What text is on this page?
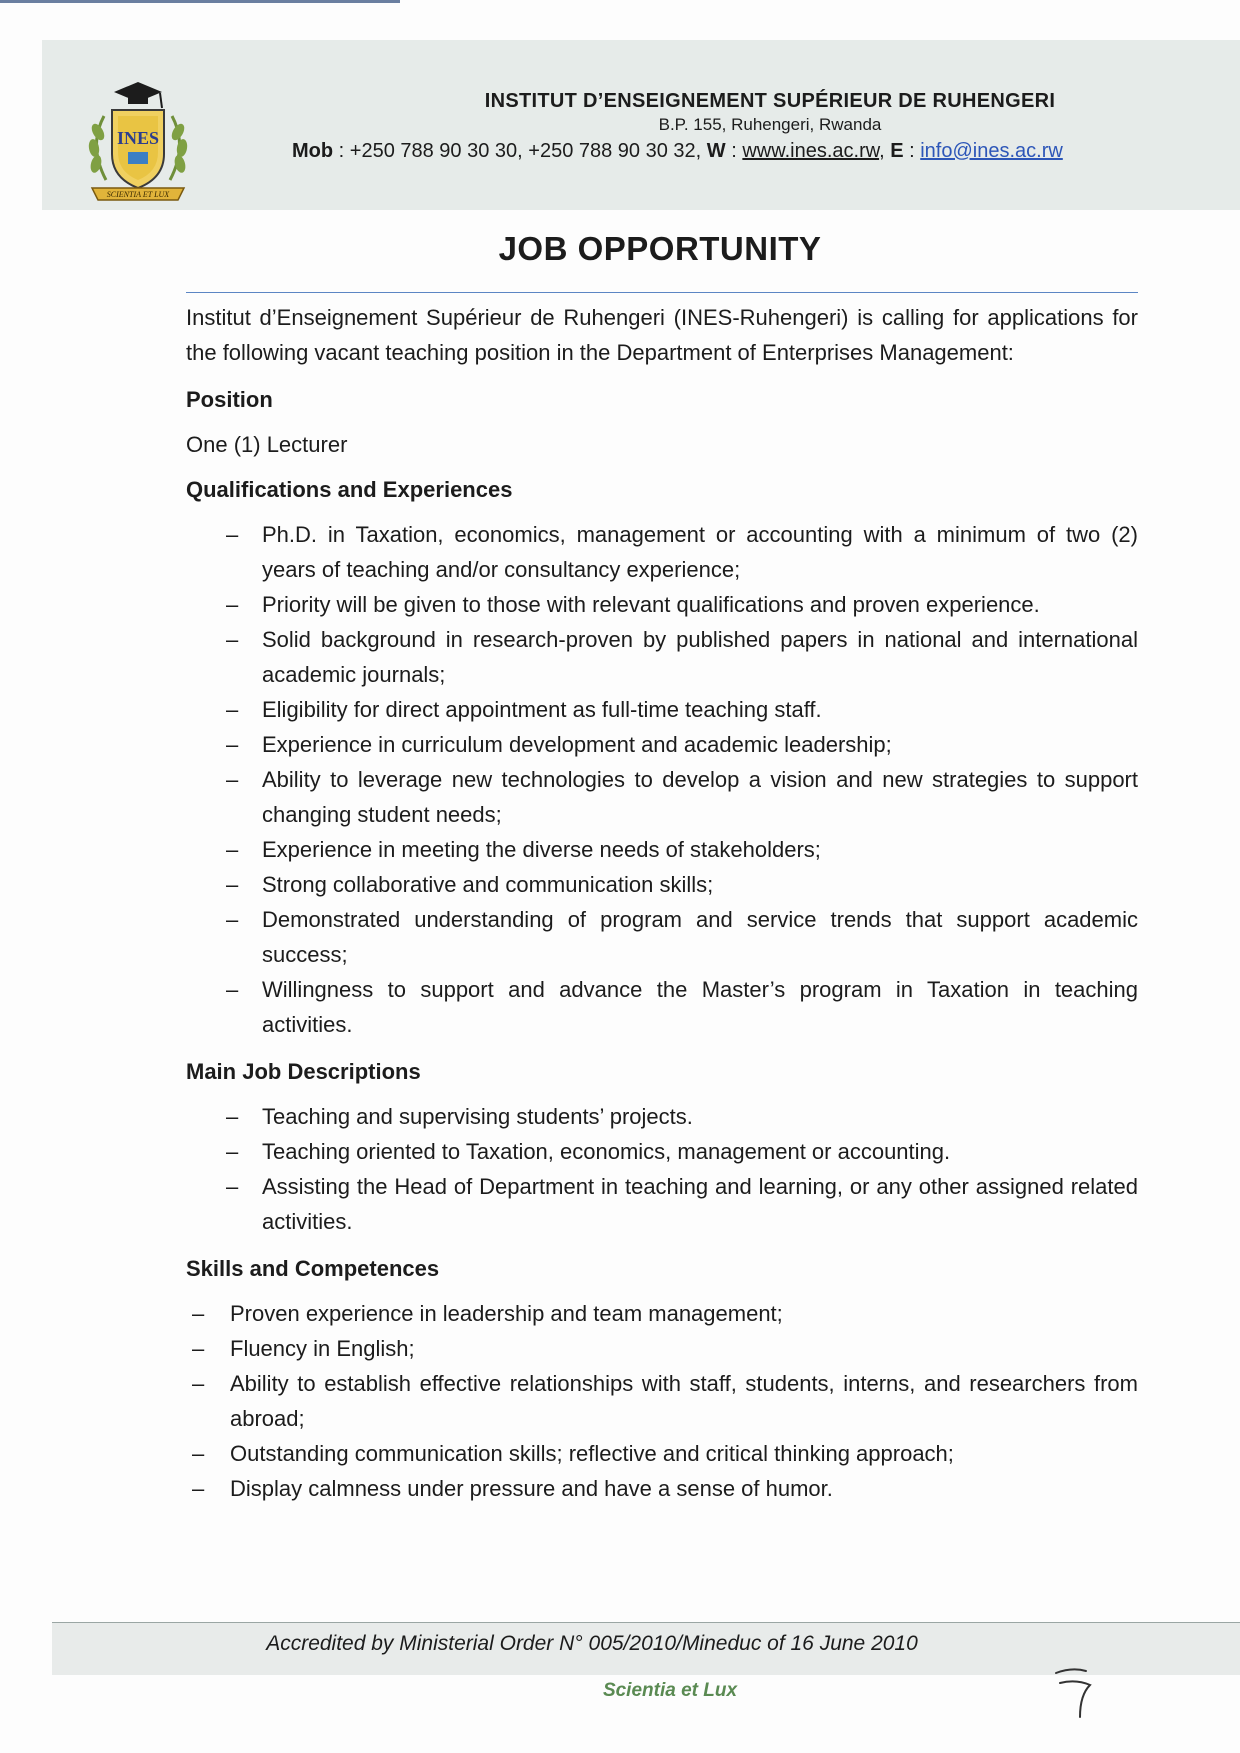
INES
SCIENTIA ET LUX
INSTITUT D’ENSEIGNEMENT SUPÉRIEUR DE RUHENGERI
B.P. 155, Ruhengeri, Rwanda
Mob : +250 788 90 30 30, +250 788 90 30 32, W : www.ines.ac.rw, E : info@ines.ac.rw
JOB OPPORTUNITY

Institut d’Enseignement Supérieur de Ruhengeri (INES-Ruhengeri) is calling for applications for the following vacant teaching position in the Department of Enterprises Management:

Position
One (1) Lecturer
Qualifications and Experiences
– Ph.D. in Taxation, economics, management or accounting with a minimum of two (2) years of teaching and/or consultancy experience;
– Priority will be given to those with relevant qualifications and proven experience.
– Solid background in research-proven by published papers in national and international academic journals;
– Eligibility for direct appointment as full-time teaching staff.
– Experience in curriculum development and academic leadership;
– Ability to leverage new technologies to develop a vision and new strategies to support changing student needs;
– Experience in meeting the diverse needs of stakeholders;
– Strong collaborative and communication skills;
– Demonstrated understanding of program and service trends that support academic success;
– Willingness to support and advance the Master’s program in Taxation in teaching activities.
Main Job Descriptions
– Teaching and supervising students’ projects.
– Teaching oriented to Taxation, economics, management or accounting.
– Assisting the Head of Department in teaching and learning, or any other assigned related activities.
Skills and Competences
– Proven experience in leadership and team management;
– Fluency in English;
– Ability to establish effective relationships with staff, students, interns, and researchers from abroad;
– Outstanding communication skills; reflective and critical thinking approach;
– Display calmness under pressure and have a sense of humor.
Accredited by Ministerial Order N° 005/2010/Mineduc of 16 June 2010
Scientia et Lux
